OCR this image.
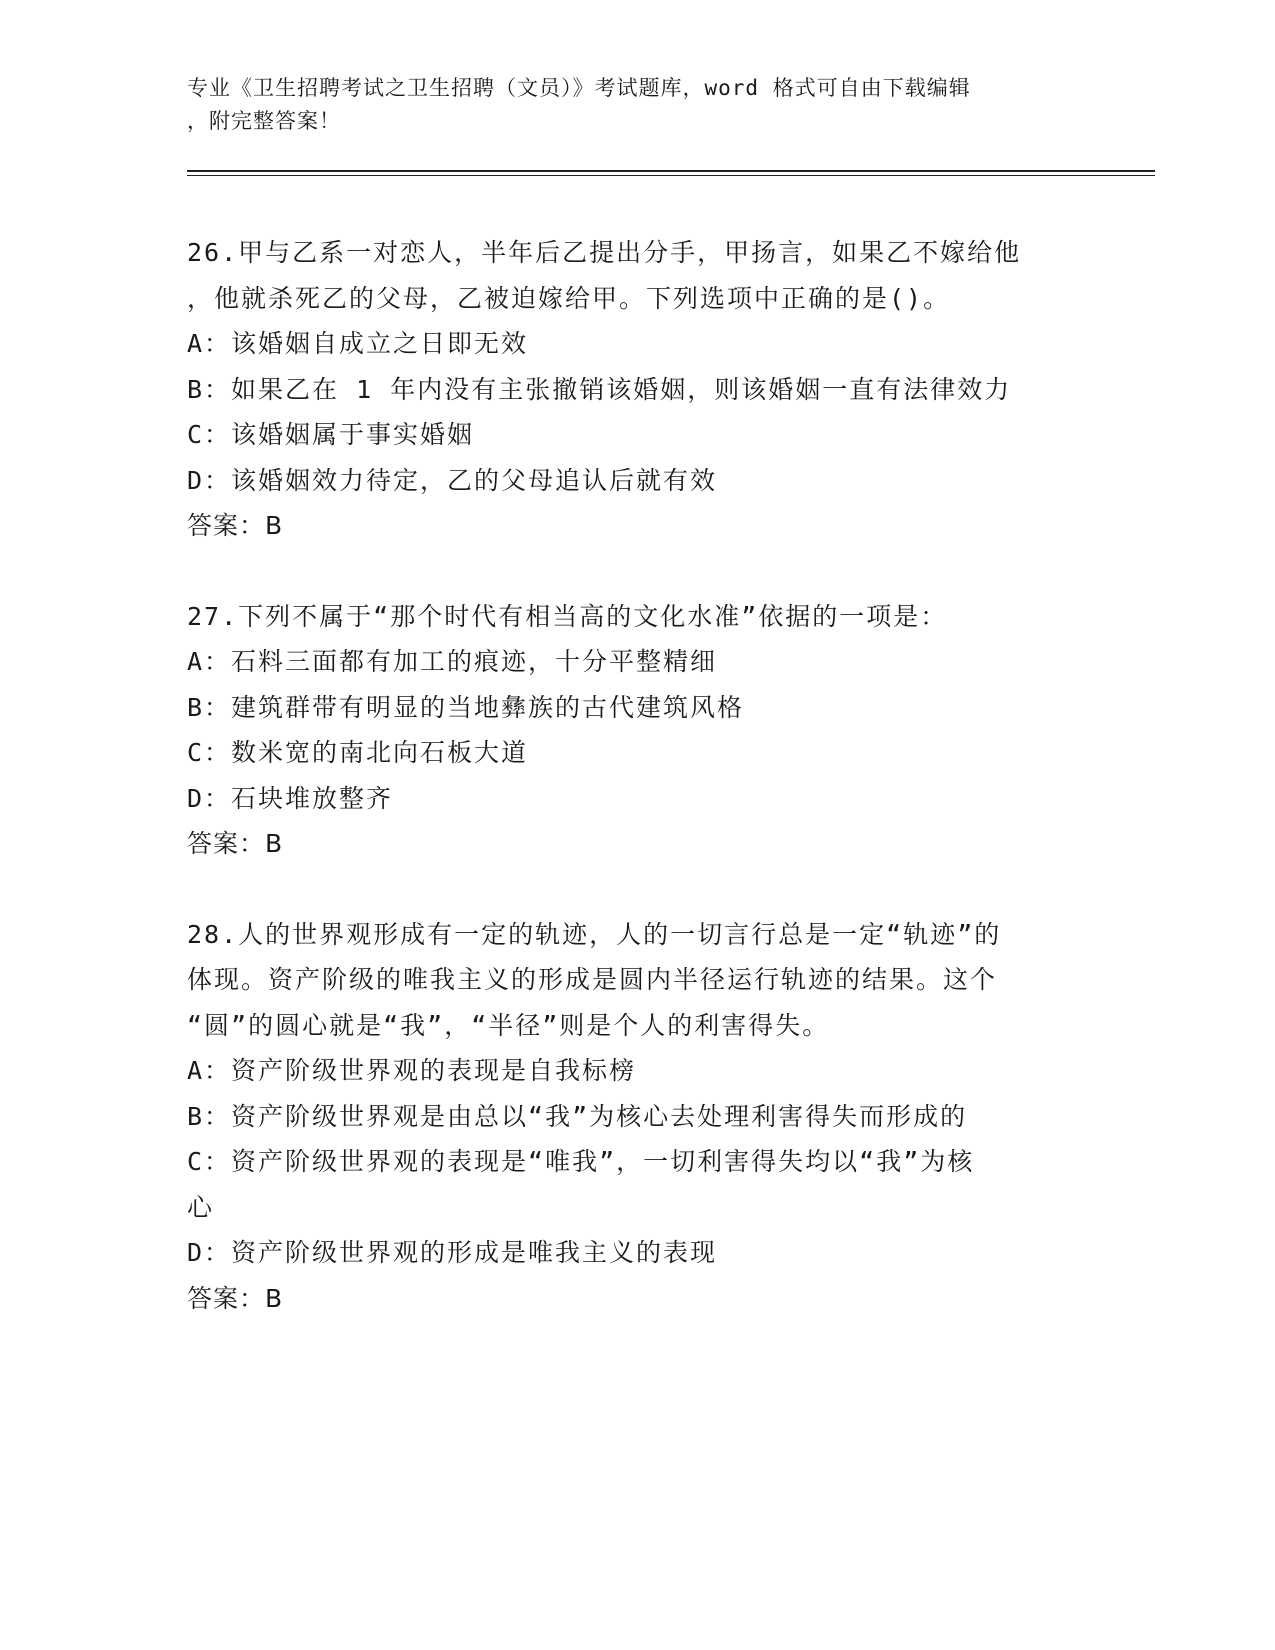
专业《卫生招聘考试之卫生招聘（文员）》考试题库，word 格式可自由下载编辑
，附完整答案！
26.甲与乙系一对恋人，半年后乙提出分手，甲扬言，如果乙不嫁给他
，他就杀死乙的父母，乙被迫嫁给甲。下列选项中正确的是()。
A：该婚姻自成立之日即无效
B：如果乙在 1 年内没有主张撤销该婚姻，则该婚姻一直有法律效力
C：该婚姻属于事实婚姻
D：该婚姻效力待定，乙的父母追认后就有效
答案：B
27.下列不属于“那个时代有相当高的文化水准”依据的一项是：
A：石料三面都有加工的痕迹，十分平整精细
B：建筑群带有明显的当地彝族的古代建筑风格
C：数米宽的南北向石板大道
D：石块堆放整齐
答案：B
28.人的世界观形成有一定的轨迹，人的一切言行总是一定“轨迹”的
体现。资产阶级的唯我主义的形成是圆内半径运行轨迹的结果。这个
“圆”的圆心就是“我”，“半径”则是个人的利害得失。
A：资产阶级世界观的表现是自我标榜
B：资产阶级世界观是由总以“我”为核心去处理利害得失而形成的
C：资产阶级世界观的表现是“唯我”，一切利害得失均以“我”为核
心
D：资产阶级世界观的形成是唯我主义的表现
答案：B
